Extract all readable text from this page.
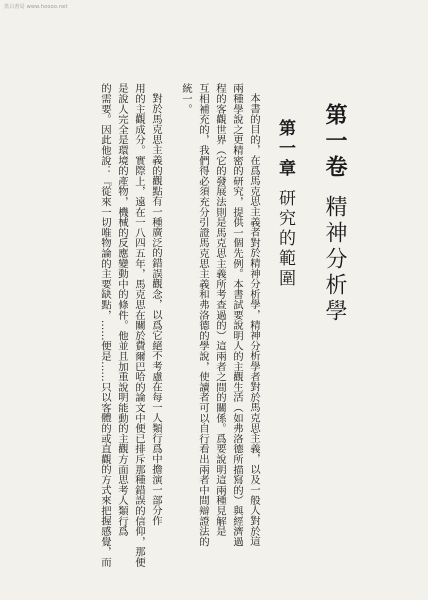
黑白書局 www.hoooo.net
第一卷精神分析學
第一章研究的範圍
本書的目的，在爲馬克思主義者對於精神分析學，精神分析學者對於馬克思主義，以及一般人對於這
兩種學說之更精密的研究，提供一個先例。本書試要說明人的主觀生活（如弗洛德所描寫的）與經濟過
程的客觀世界（它的發展法則是馬克思主義所考查過的）這兩者之間的關係。爲要說明這兩種見解是
互相補充的，我們得必須充分引證馬克思主義和弗洛德的學說，使讀者可以自行看出兩者中間辯證法的
統一。
對於馬克思主義的觀點有一種廣泛的錯誤觀念，以爲它絕不考慮在每一人類行爲中擔演一部分作
用的主觀成分。實際上，遠在一八四五年，馬克思在關於費爾巴哈的論文中便已排斥那種錯誤的信仰，那便
是說人完全是環境的產物，機械的反應變動中的條件。他並且加重說明能動的主觀方面思考人類行爲
的需要。因此他說：『從來一切唯物論的主要缺點，……便是……只以客體的或直觀的方式來把握感覺，而
